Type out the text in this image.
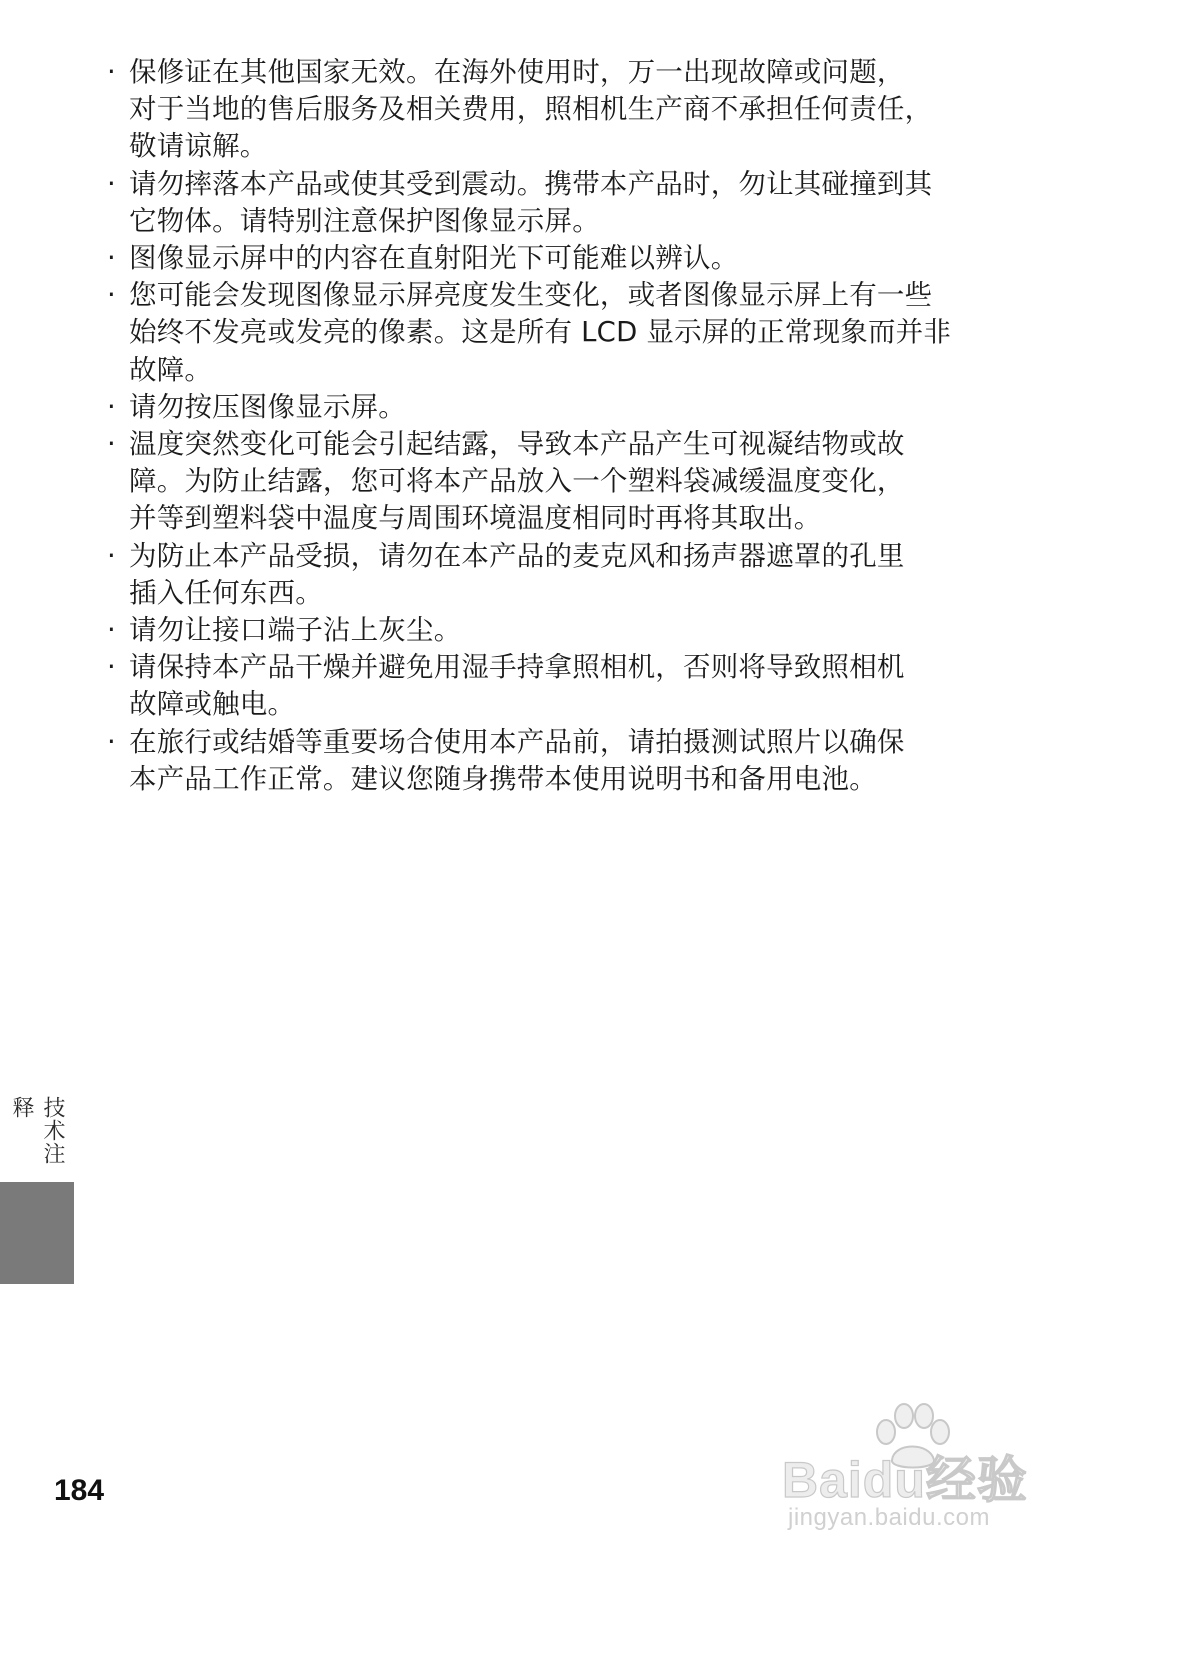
· 保修证在其他国家无效。在海外使用时，万一出现故障或问题，
对于当地的售后服务及相关费用，照相机生产商不承担任何责任，
敬请谅解。
· 请勿摔落本产品或使其受到震动。携带本产品时，勿让其碰撞到其
它物体。请特别注意保护图像显示屏。
· 图像显示屏中的内容在直射阳光下可能难以辨认。
· 您可能会发现图像显示屏亮度发生变化，或者图像显示屏上有一些
始终不发亮或发亮的像素。这是所有 LCD 显示屏的正常现象而并非
故障。
· 请勿按压图像显示屏。
· 温度突然变化可能会引起结露，导致本产品产生可视凝结物或故
障。为防止结露，您可将本产品放入一个塑料袋减缓温度变化，
并等到塑料袋中温度与周围环境温度相同时再将其取出。
· 为防止本产品受损，请勿在本产品的麦克风和扬声器遮罩的孔里
插入任何东西。
· 请勿让接口端子沾上灰尘。
· 请保持本产品干燥并避免用湿手持拿照相机，否则将导致照相机
故障或触电。
· 在旅行或结婚等重要场合使用本产品前，请拍摄测试照片以确保
本产品工作正常。建议您随身携带本使用说明书和备用电池。
技术注释
184	Baidu经验
jingyan.baidu.com
